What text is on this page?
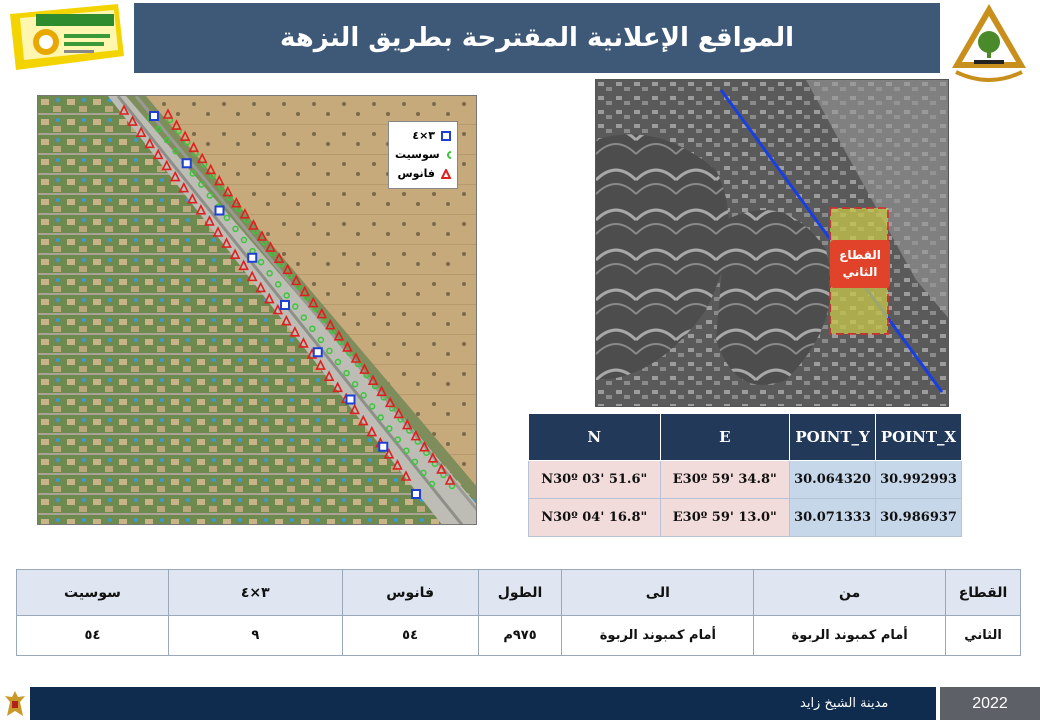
المواقع الإعلانية المقترحة بطريق النزهة
٣×٤
سوسيت
فانوس
القطاع
الثاني
N	E	POINT_Y	POINT_X
N30º 03' 51.6"	E30º 59' 34.8"	30.064320	30.992993
N30º 04' 16.8"	E30º 59' 13.0"	30.071333	30.986937
القطاع	من	الى	الطول	فانوس	٣×٤	سوسيت
الثاني	أمام كمبوند الربوة	أمام كمبوند الربوة	٩٧٥م	٥٤	٩	٥٤
مدينة الشيخ زايد	2022
